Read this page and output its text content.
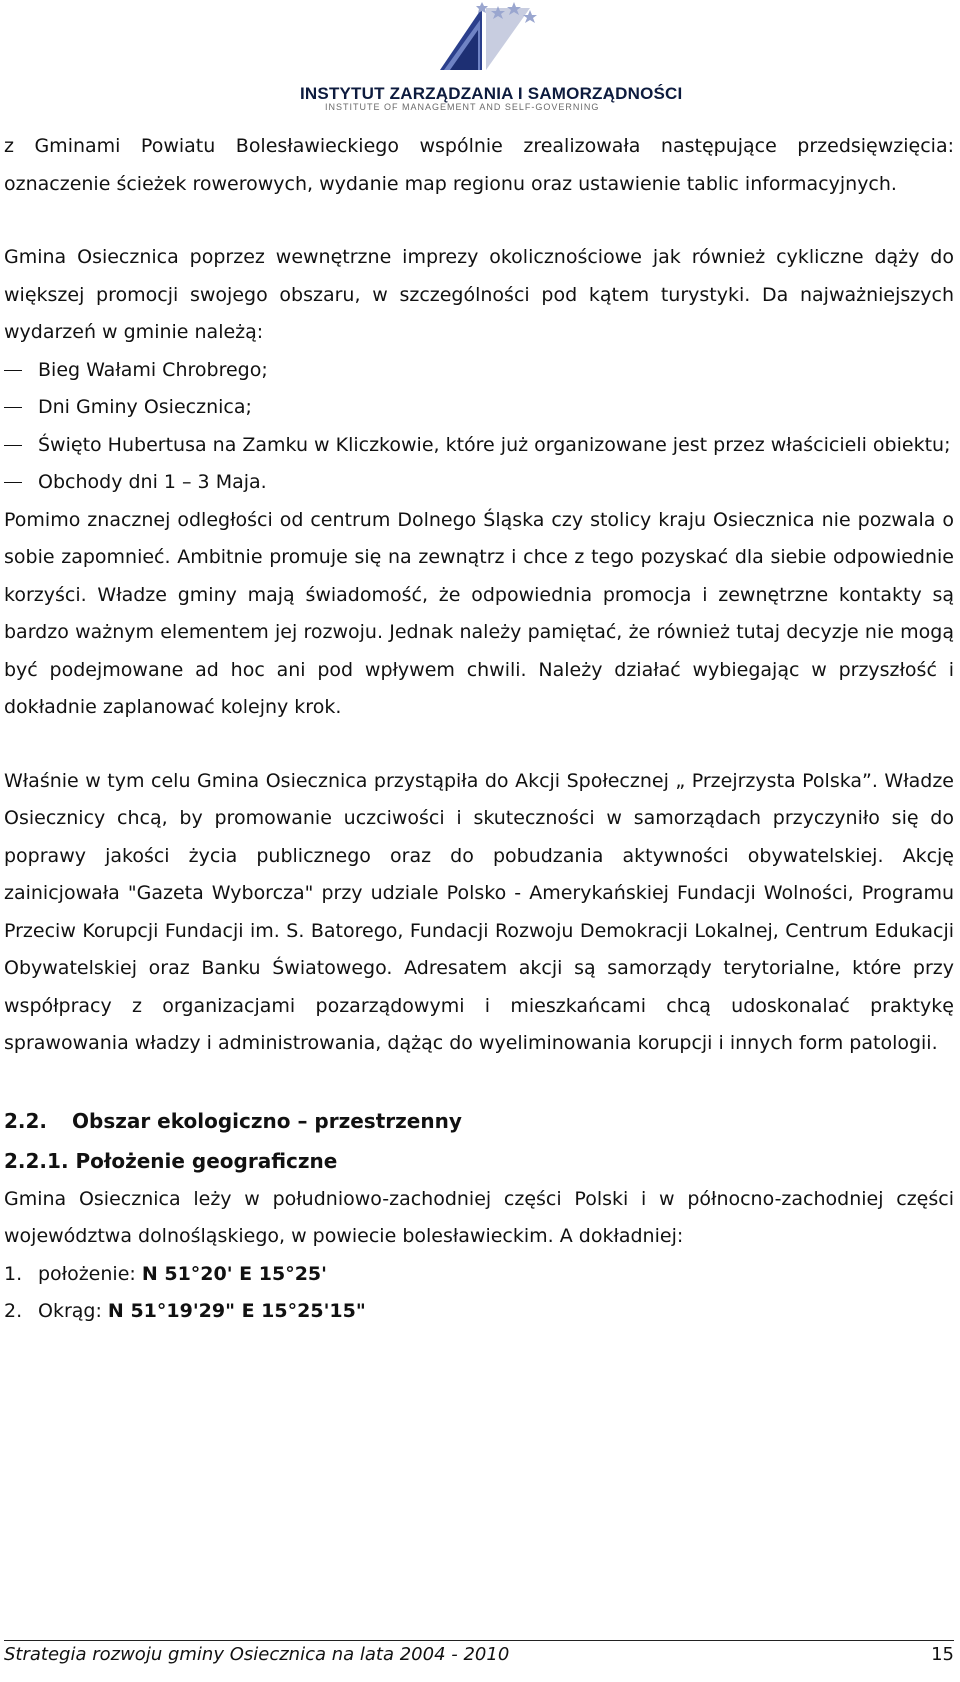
INSTYTUT ZARZĄDZANIA I SAMORZĄDNOŚCI
INSTITUTE OF MANAGEMENT AND SELF-GOVERNING

z Gminami Powiatu Bolesławieckiego wspólnie zrealizowała następujące przedsięwzięcia: oznaczenie ścieżek rowerowych, wydanie map regionu oraz ustawienie tablic informacyjnych.

Gmina Osiecznica poprzez wewnętrzne imprezy okolicznościowe jak również cykliczne dąży do większej promocji swojego obszaru, w szczególności pod kątem turystyki. Da najważniejszych wydarzeń w gminie należą:

Bieg Wałami Chrobrego;
Dni Gminy Osiecznica;
Święto Hubertusa na Zamku w Kliczkowie, które już organizowane jest przez właścicieli obiektu;
Obchody dni 1 – 3 Maja.

Pomimo znacznej odległości od centrum Dolnego Śląska czy stolicy kraju Osiecznica nie pozwala o sobie zapomnieć. Ambitnie promuje się na zewnątrz i chce z tego pozyskać dla siebie odpowiednie korzyści. Władze gminy mają świadomość, że odpowiednia promocja i zewnętrzne kontakty są bardzo ważnym elementem jej rozwoju. Jednak należy pamiętać, że również tutaj decyzje nie mogą być podejmowane ad hoc ani pod wpływem chwili. Należy działać wybiegając w przyszłość i dokładnie zaplanować kolejny krok.

Właśnie w tym celu Gmina Osiecznica przystąpiła do Akcji Społecznej „ Przejrzysta Polska”. Władze Osiecznicy chcą, by promowanie uczciwości i skuteczności w samorządach przyczyniło się do poprawy jakości życia publicznego oraz do pobudzania aktywności obywatelskiej. Akcję zainicjowała "Gazeta Wyborcza" przy udziale Polsko - Amerykańskiej Fundacji Wolności, Programu Przeciw Korupcji Fundacji im. S. Batorego, Fundacji Rozwoju Demokracji Lokalnej, Centrum Edukacji Obywatelskiej oraz Banku Światowego. Adresatem akcji są samorządy terytorialne, które przy współpracy z organizacjami pozarządowymi i mieszkańcami chcą udoskonalać praktykę sprawowania władzy i administrowania, dążąc do wyeliminowania korupcji i innych form patologii.

2.2. Obszar ekologiczno – przestrzenny

2.2.1. Położenie geograficzne

Gmina Osiecznica leży w południowo-zachodniej części Polski i w północno-zachodniej części województwa dolnośląskiego, w powiecie bolesławieckim. A dokładniej:

1. położenie: N 51°20' E 15°25'
2. Okrąg: N 51°19'29" E 15°25'15"
Strategia rozwoju gminy Osiecznica na lata 2004 - 2010	15
